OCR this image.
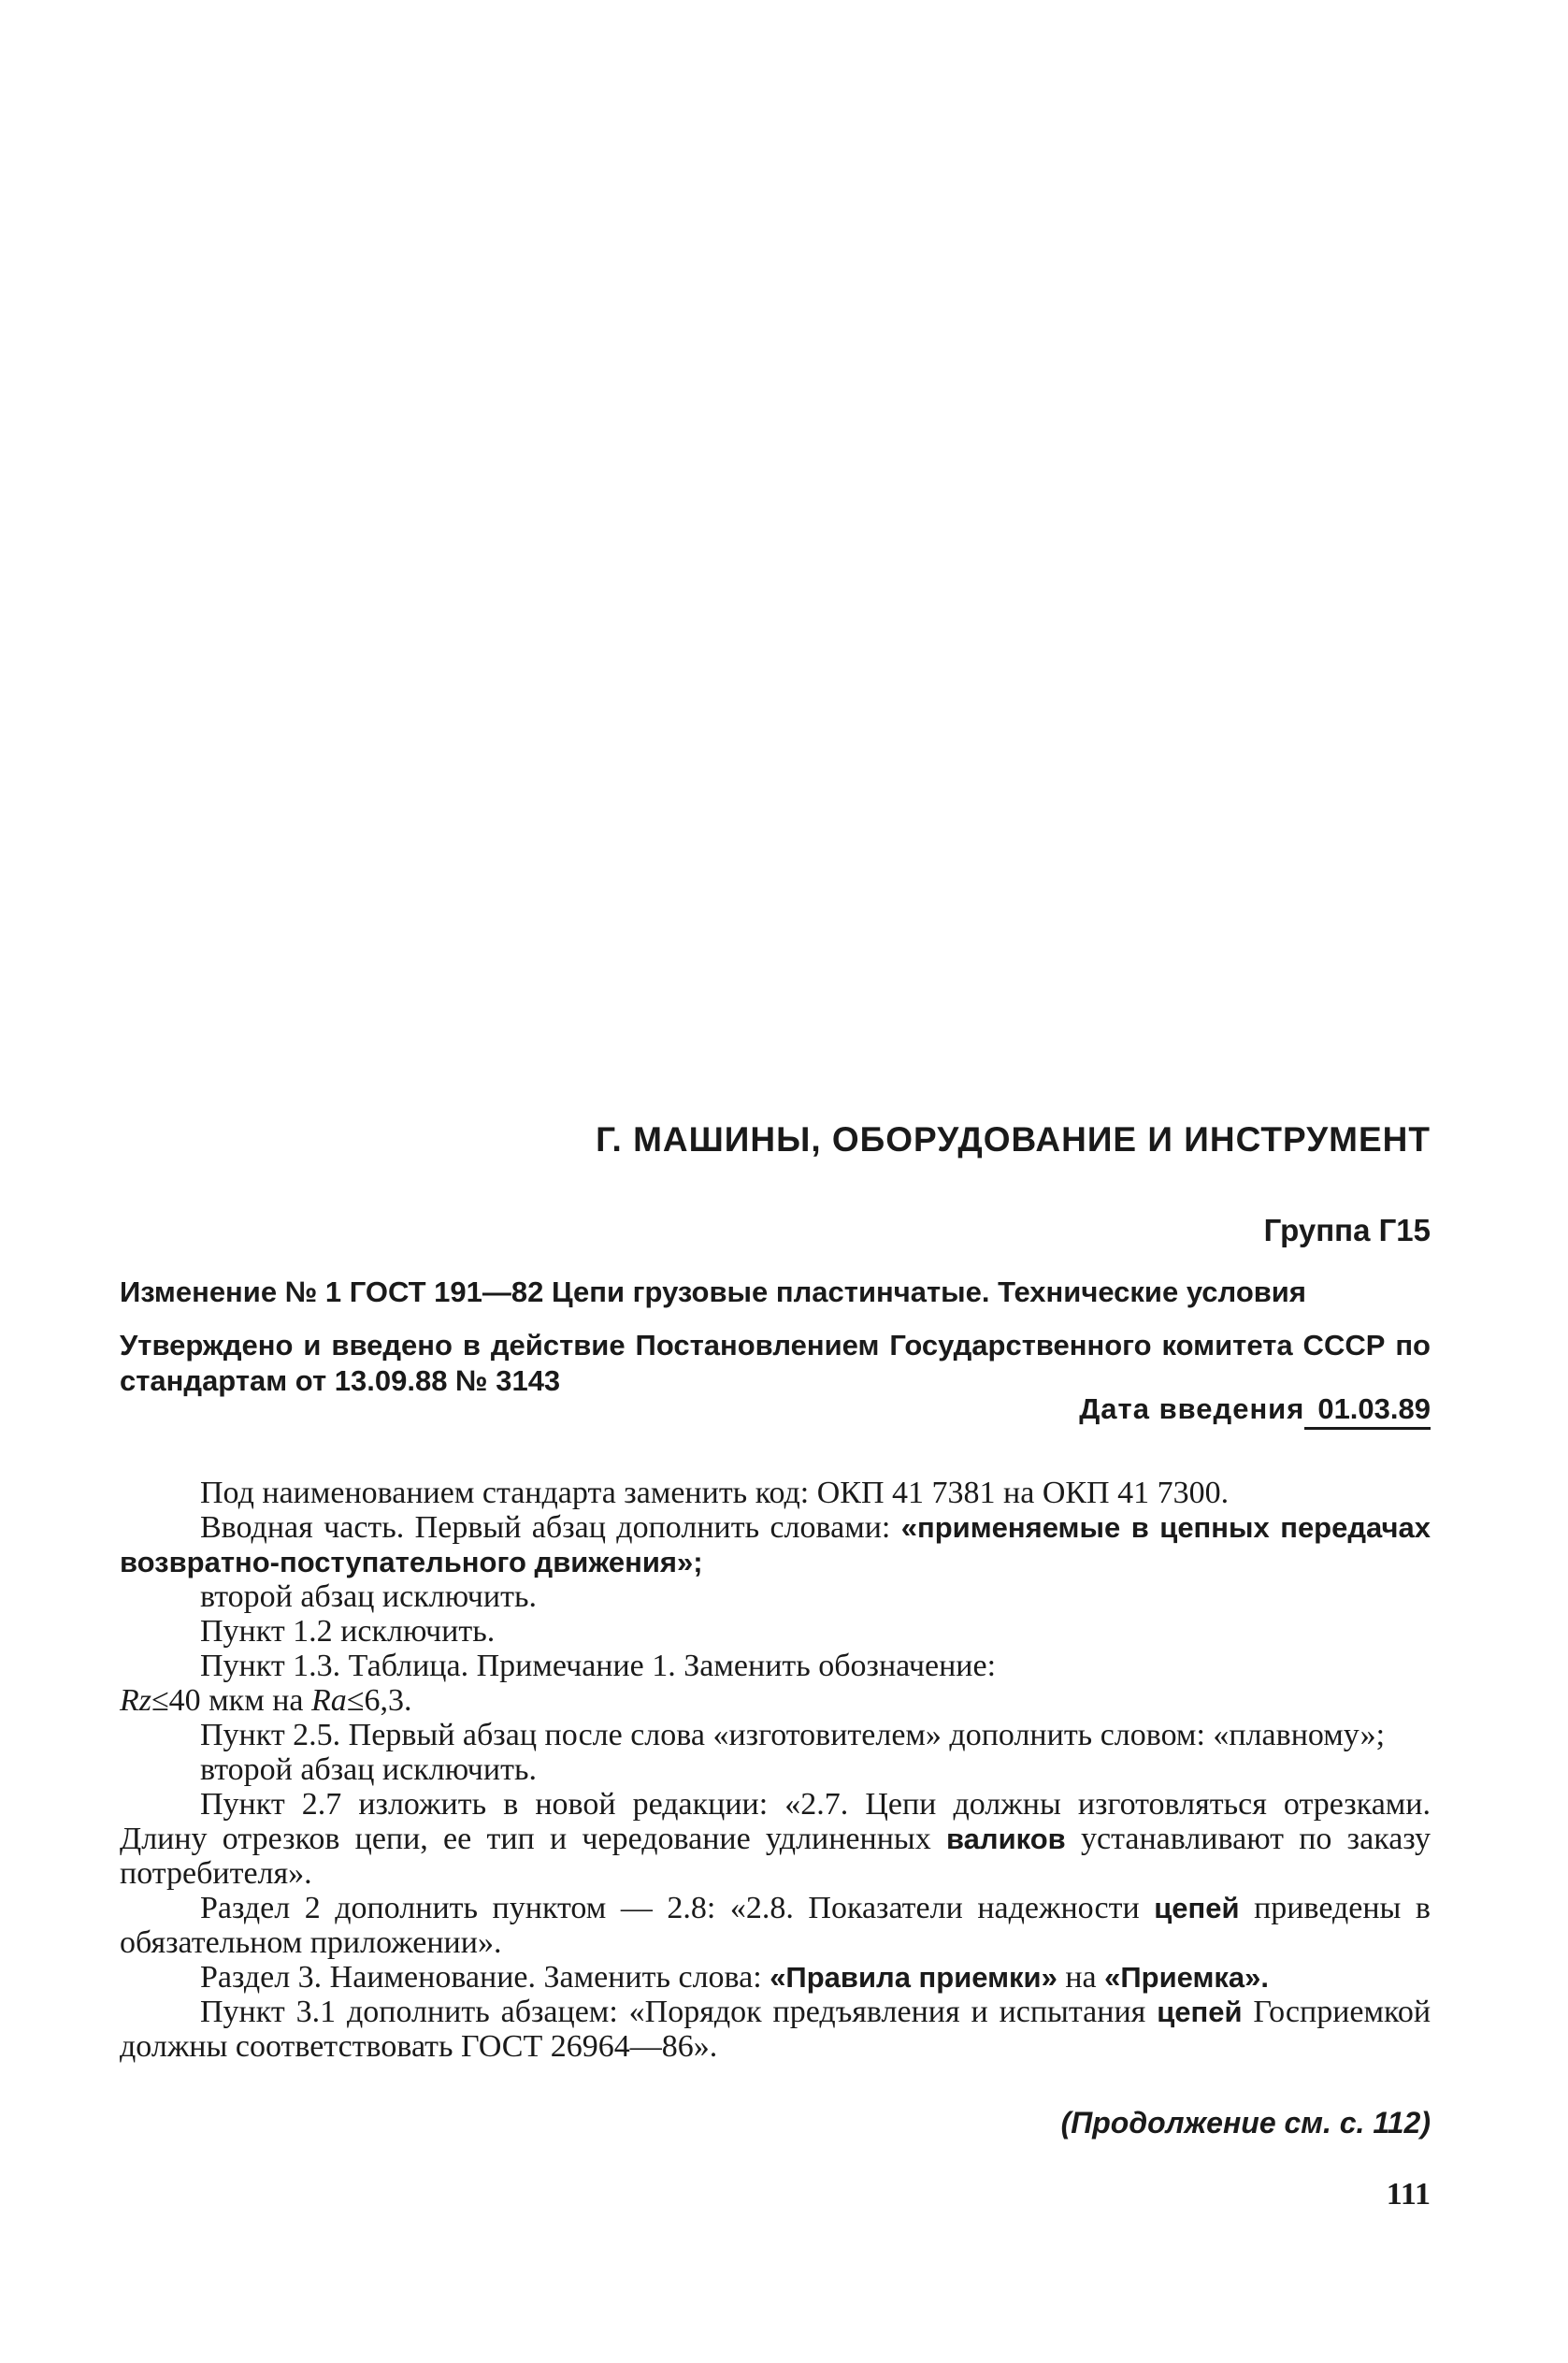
Г. МАШИНЫ, ОБОРУДОВАНИЕ И ИНСТРУМЕНТ
Группа Г15
Изменение № 1 ГОСТ 191—82 Цепи грузовые пластинчатые. Технические условия
Утверждено и введено в действие Постановлением Государственного комитета СССР по стандартам от 13.09.88 № 3143
Дата введения 01.03.89

Под наименованием стандарта заменить код: ОКП 41 7381 на ОКП 41 7300.

Вводная часть. Первый абзац дополнить словами: «применяемые в цепных передачах возвратно-поступательного движения»;

второй абзац исключить.

Пункт 1.2 исключить.

Пункт 1.3. Таблица. Примечание 1. Заменить обозначение:

Rz≤40 мкм на Ra≤6,3.

Пункт 2.5. Первый абзац после слова «изготовителем» дополнить словом: «плавному»;

второй абзац исключить.

Пункт 2.7 изложить в новой редакции: «2.7. Цепи должны изготовляться отрезками. Длину отрезков цепи, ее тип и чередование удлиненных валиков устанавливают по заказу потребителя».

Раздел 2 дополнить пунктом — 2.8: «2.8. Показатели надежности цепей приведены в обязательном приложении».

Раздел 3. Наименование. Заменить слова: «Правила приемки» на «Приемка».

Пункт 3.1 дополнить абзацем: «Порядок предъявления и испытания цепей Госприемкой должны соответствовать ГОСТ 26964—86».

(Продолжение см. с. 112)
111
